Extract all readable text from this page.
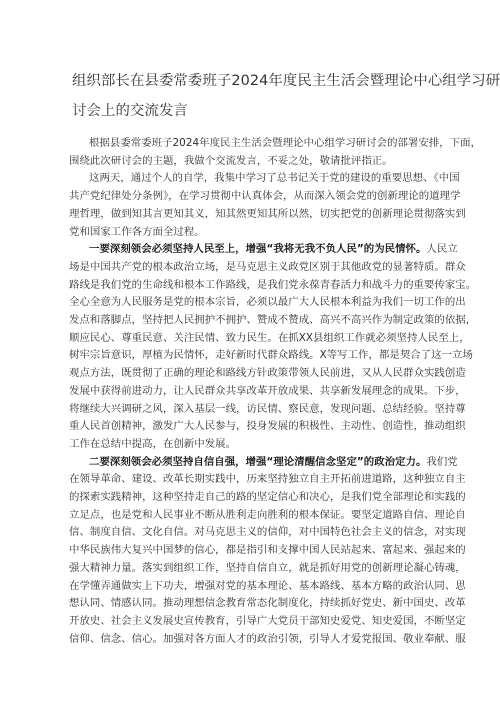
组织部长在县委常委班子2024年度民主生活会暨理论中心组学习研
讨会上的交流发言
根据县委常委班子2024年度民主生活会暨理论中心组学习研讨会的部署安排，下面，
围绕此次研讨会的主题，我做个交流发言，不妥之处，敬请批评指正。
这两天，通过个人的自学，我集中学习了总书记关于党的建设的重要思想、《中国
共产党纪律处分条例》，在学习贯彻中认真体会，从而深入领会党的创新理论的道理学
理哲理，做到知其言更知其义，知其然更知其所以然，切实把党的创新理论贯彻落实到
党和国家工作各方面全过程。
一要深刻领会必须坚持人民至上，增强“我将无我不负人民”的为民情怀。人民立
场是中国共产党的根本政治立场，是马克思主义政党区别于其他政党的显著特质。群众
路线是我们党的生命线和根本工作路线，是我们党永葆青春活力和战斗力的重要传家宝。
全心全意为人民服务是党的根本宗旨，必须以最广大人民根本利益为我们一切工作的出
发点和落脚点，坚持把人民拥护不拥护、赞成不赞成、高兴不高兴作为制定政策的依据，
顺应民心、尊重民意、关注民情、致力民生。在抓XX县组织工作就必须坚持人民至上，
树牢宗旨意识，厚植为民情怀，走好新时代群众路线。X等写工作，都是契合了这一立场
观点方法，既贯彻了正确的理论和路线方针政策带领人民前进，又从人民群众实践创造
发展中获得前进动力，让人民群众共享改革开放成果、共享新发展理念的成果。下步，
将继续大兴调研之风，深入基层一线，访民情、察民意，发现问题、总结经验。坚持尊
重人民首创精神，激发广大人民参与，投身发展的积极性、主动性、创造性，推动组织
工作在总结中提高，在创新中发展。
二要深刻领会必须坚持自信自强，增强“理论清醒信念坚定”的政治定力。我们党
在领导革命、建设、改革长期实践中，历来坚持独立自主开拓前进道路，这种独立自主
的探索实践精神，这种坚持走自己的路的坚定信心和决心，是我们党全部理论和实践的
立足点，也是党和人民事业不断从胜利走向胜利的根本保证。要坚定道路自信、理论自
信、制度自信、文化自信。对马克思主义的信仰，对中国特色社会主义的信念，对实现
中华民族伟大复兴中国梦的信心，都是指引和支撑中国人民站起来、富起来、强起来的
强大精神力量。落实到组织工作，坚持自信自立，就是抓好用党的创新理论凝心铸魂，
在学懂弄通做实上下功夫，增强对党的基本理论、基本路线、基本方略的政治认同、思
想认同、情感认同。推动理想信念教育常态化制度化，持续抓好党史、新中国史、改革
开放史、社会主义发展史宣传教育，引导广大党员干部知史爱党、知史爱国，不断坚定
信仰、信念、信心。加强对各方面人才的政治引领，引导人才爱党报国、敬业奉献、服
